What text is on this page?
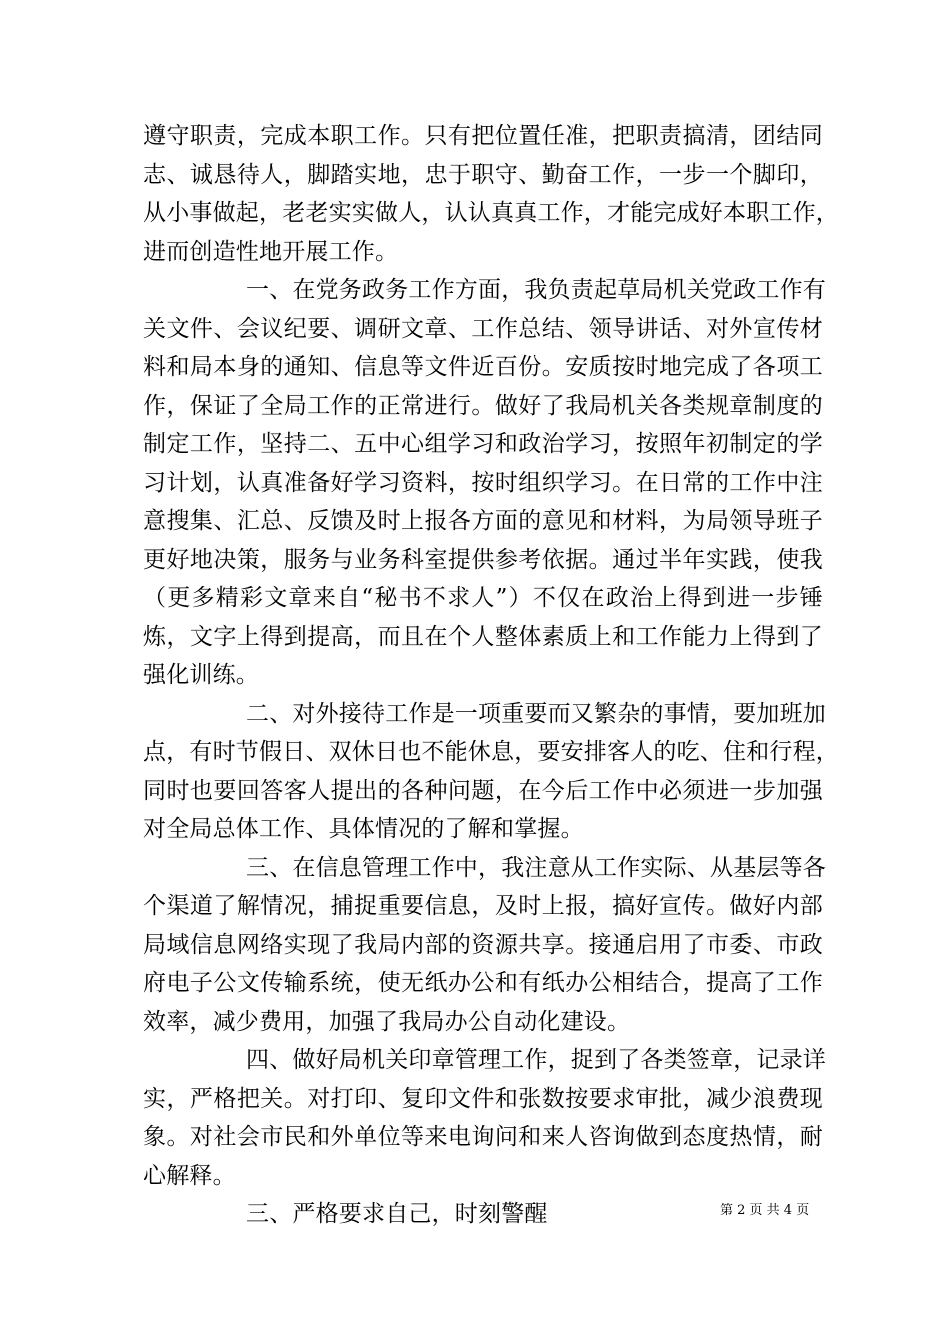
遵守职责，完成本职工作。只有把位置任准，把职责搞清，团结同
志、诚恳待人，脚踏实地，忠于职守、勤奋工作，一步一个脚印，
从小事做起，老老实实做人，认认真真工作，才能完成好本职工作，
进而创造性地开展工作。
一、在党务政务工作方面，我负责起草局机关党政工作有
关文件、会议纪要、调研文章、工作总结、领导讲话、对外宣传材
料和局本身的通知、信息等文件近百份。安质按时地完成了各项工
作，保证了全局工作的正常进行。做好了我局机关各类规章制度的
制定工作，坚持二、五中心组学习和政治学习，按照年初制定的学
习计划，认真准备好学习资料，按时组织学习。在日常的工作中注
意搜集、汇总、反馈及时上报各方面的意见和材料，为局领导班子
更好地决策，服务与业务科室提供参考依据。通过半年实践，使我
（更多精彩文章来自“秘书不求人”）不仅在政治上得到进一步锤
炼，文字上得到提高，而且在个人整体素质上和工作能力上得到了
强化训练。
二、对外接待工作是一项重要而又繁杂的事情，要加班加
点，有时节假日、双休日也不能休息，要安排客人的吃、住和行程，
同时也要回答客人提出的各种问题，在今后工作中必须进一步加强
对全局总体工作、具体情况的了解和掌握。
三、在信息管理工作中，我注意从工作实际、从基层等各
个渠道了解情况，捕捉重要信息，及时上报，搞好宣传。做好内部
局域信息网络实现了我局内部的资源共享。接通启用了市委、市政
府电子公文传输系统，使无纸办公和有纸办公相结合，提高了工作
效率，减少费用，加强了我局办公自动化建设。
四、做好局机关印章管理工作，捉到了各类签章，记录详
实，严格把关。对打印、复印文件和张数按要求审批，减少浪费现
象。对社会市民和外单位等来电询问和来人咨询做到态度热情，耐
心解释。
三、严格要求自己，时刻警醒	第 2 页 共 4 页
